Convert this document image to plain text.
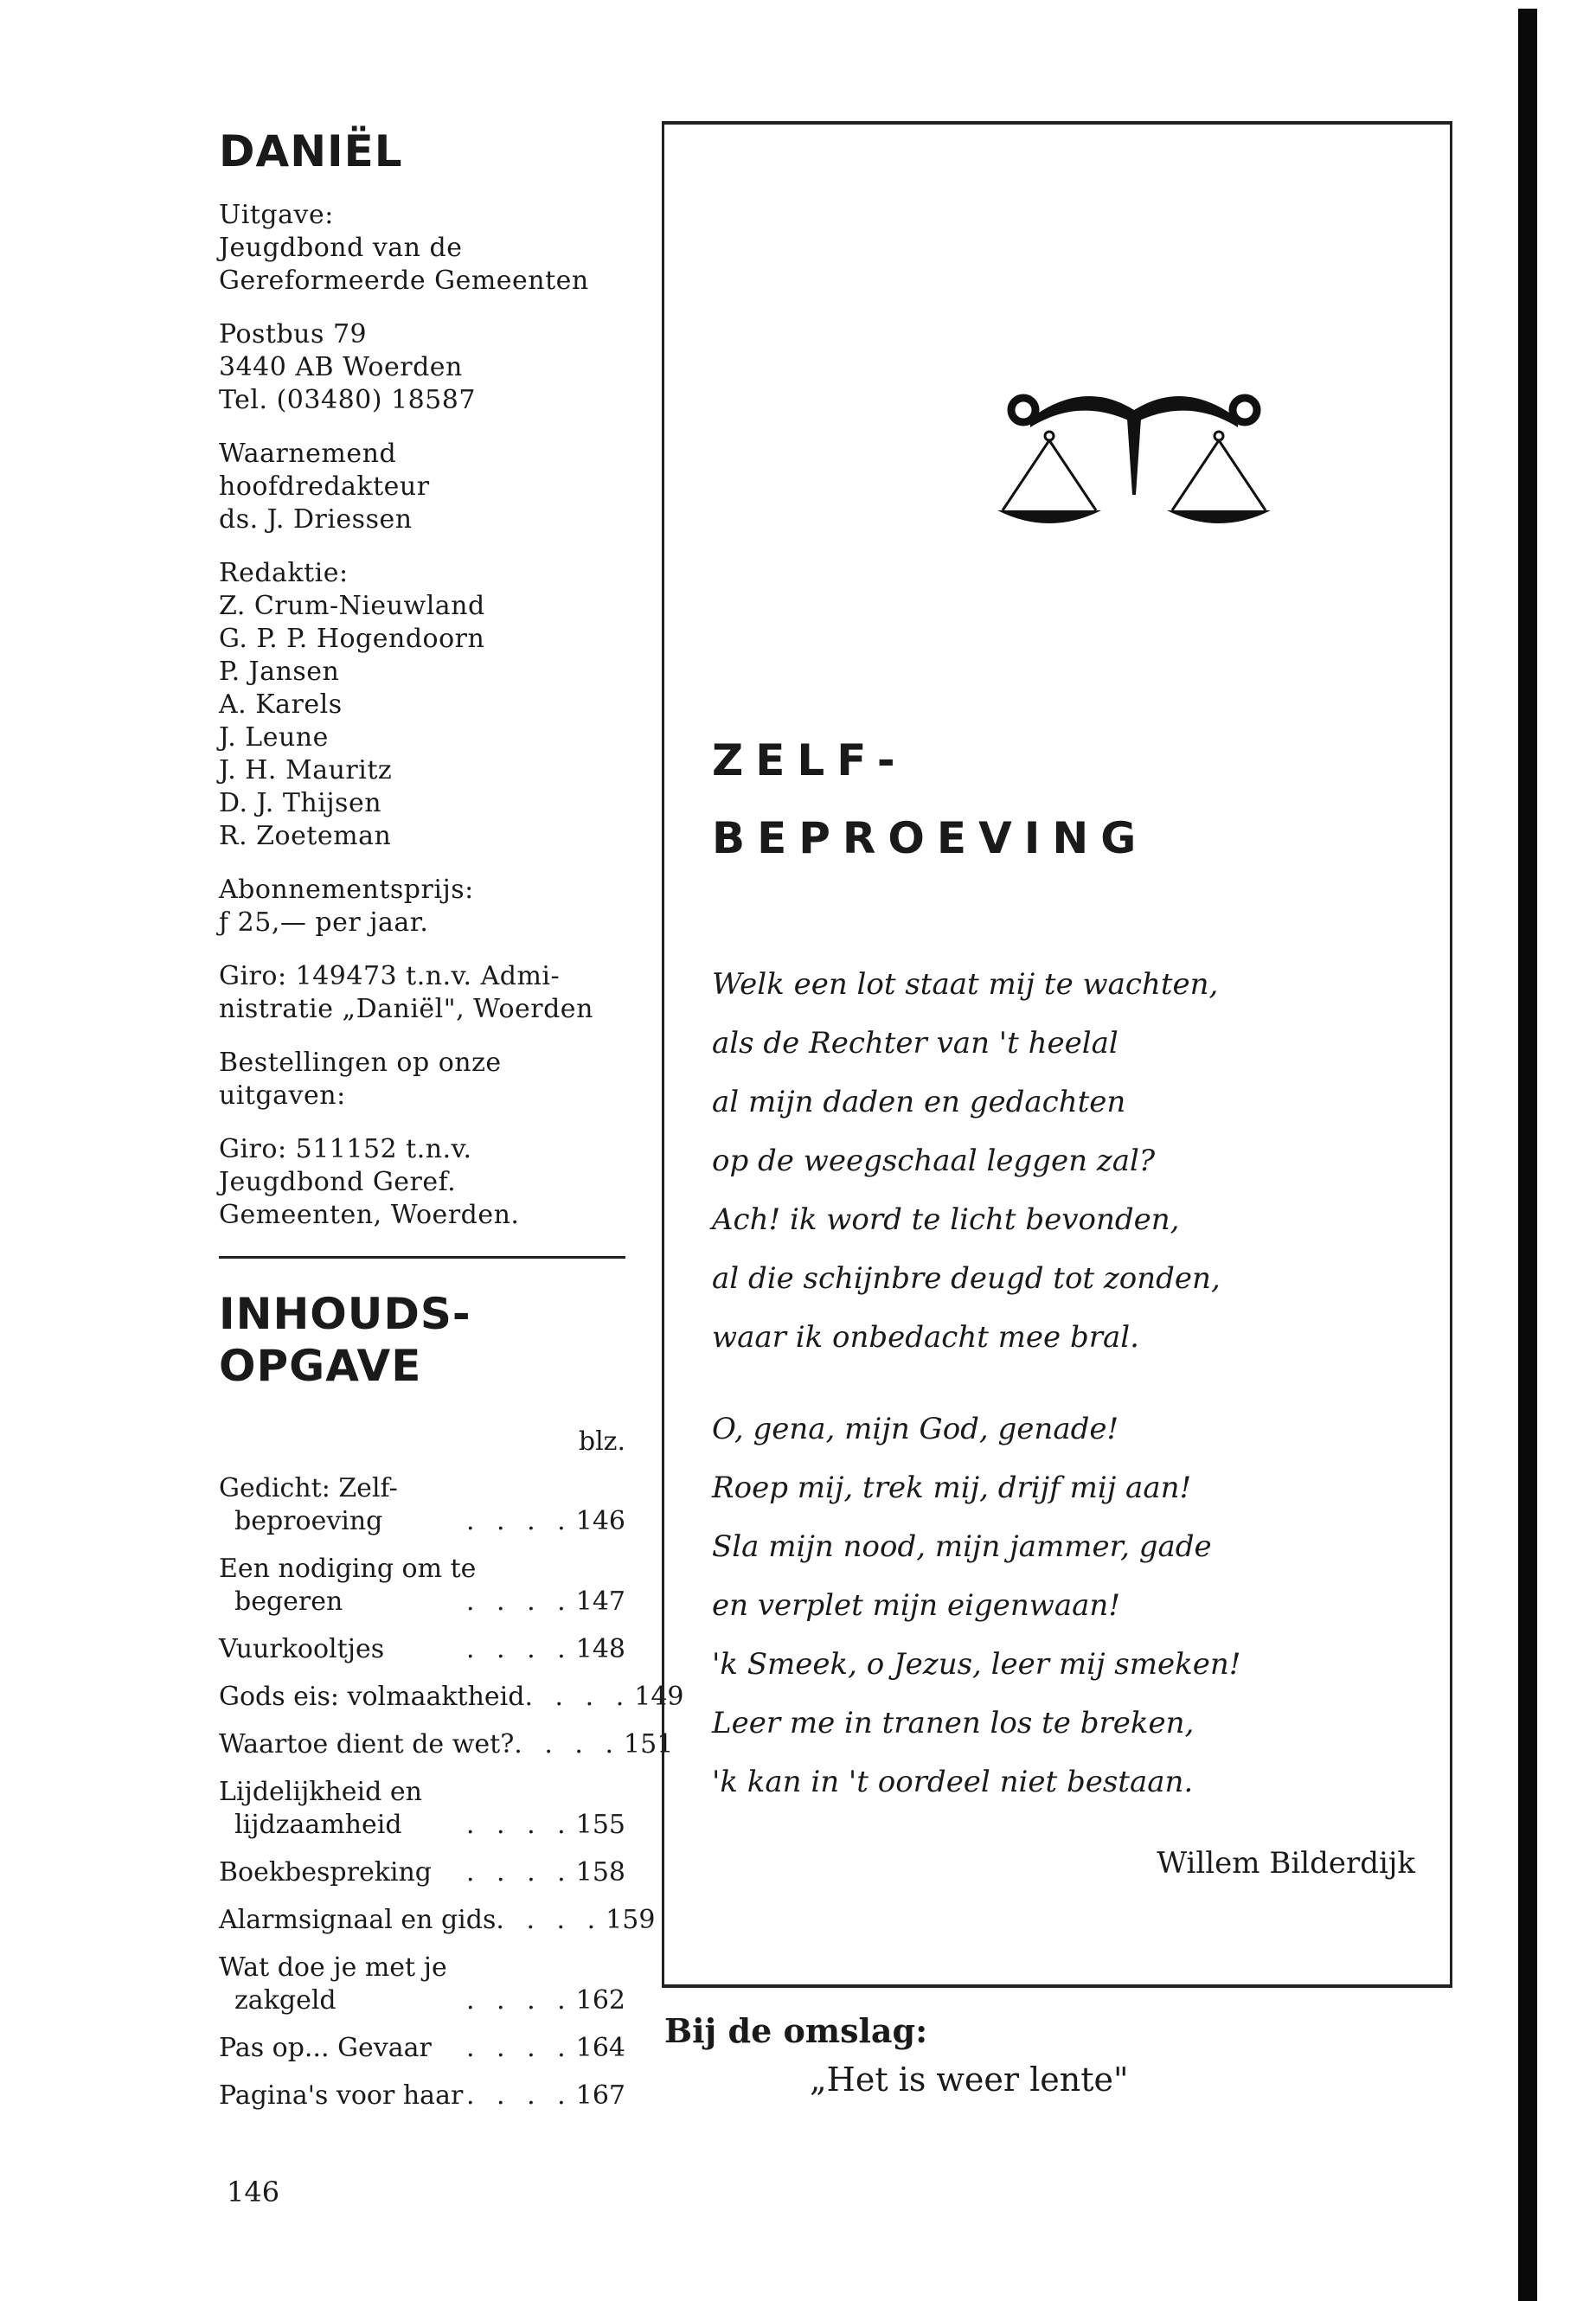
DANIËL
Uitgave:
Jeugdbond van de
Gereformeerde Gemeenten
Postbus 79
3440 AB Woerden
Tel. (03480) 18587
Waarnemend
hoofdredakteur
ds. J. Driessen
Redaktie:
Z. Crum-Nieuwland
G. P. P. Hogendoorn
P. Jansen
A. Karels
J. Leune
J. H. Mauritz
D. J. Thijsen
R. Zoeteman
Abonnementsprijs:
ƒ 25,— per jaar.
Giro: 149473 t.n.v. Admi-
nistratie „Daniël", Woerden
Bestellingen op onze
uitgaven:
Giro: 511152 t.n.v.
Jeugdbond Geref.
Gemeenten, Woerden.
INHOUDS-
OPGAVE
blz.
Gedicht: Zelf-
beproeving	. . . . 146
Een nodiging om te
begeren	. . . . 147
Vuurkooltjes	. . . . 148
Gods eis: volmaaktheid . . . . 149
Waartoe dient de wet? . . . . 151
Lijdelijkheid en
lijdzaamheid	. . . . 155
Boekbespreking	. . . . 158
Alarmsignaal en gids . . . . 159
Wat doe je met je
zakgeld	. . . . 162
Pas op... Gevaar	. . . . 164
Pagina's voor haar . . . . 167
146
ZELF-
BEPROEVING
Welk een lot staat mij te wachten,
als de Rechter van 't heelal
al mijn daden en gedachten
op de weegschaal leggen zal?
Ach! ik word te licht bevonden,
al die schijnbre deugd tot zonden,
waar ik onbedacht mee bral.
O, gena, mijn God, genade!
Roep mij, trek mij, drijf mij aan!
Sla mijn nood, mijn jammer, gade
en verplet mijn eigenwaan!
'k Smeek, o Jezus, leer mij smeken!
Leer me in tranen los te breken,
'k kan in 't oordeel niet bestaan.
Willem Bilderdijk
Bij de omslag:
„Het is weer lente"
